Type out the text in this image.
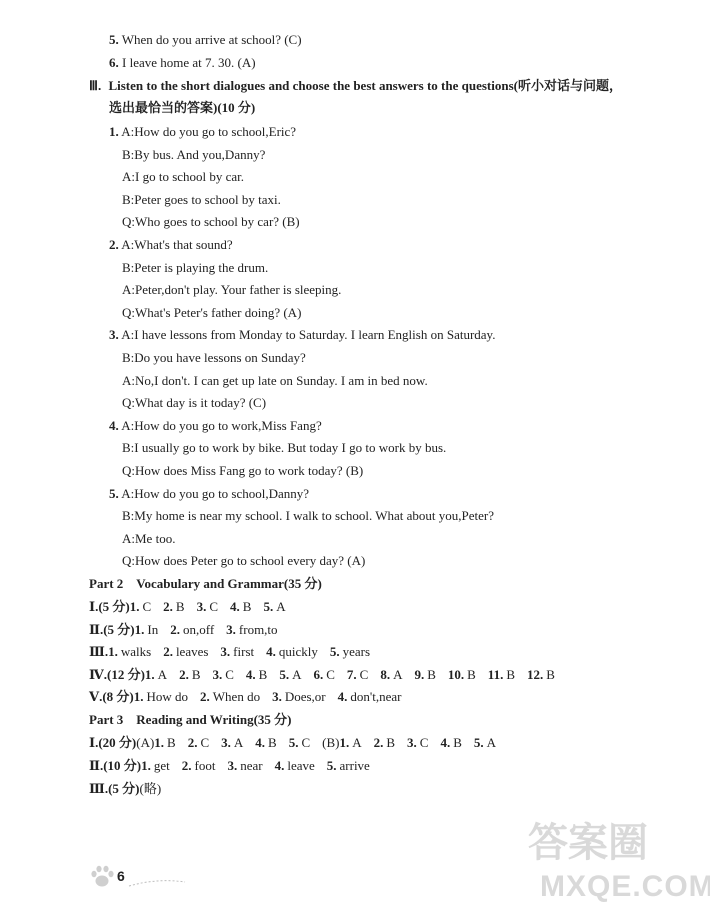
5. When do you arrive at school? (C)
6. I leave home at 7. 30. (A)
Ⅲ. Listen to the short dialogues and choose the best answers to the questions(听小对话与问题，
选出最恰当的答案)(10 分)
1. A:How do you go to school,Eric?
B:By bus. And you,Danny?
A:I go to school by car.
B:Peter goes to school by taxi.
Q:Who goes to school by car? (B)
2. A:What's that sound?
B:Peter is playing the drum.
A:Peter,don't play. Your father is sleeping.
Q:What's Peter's father doing? (A)
3. A:I have lessons from Monday to Saturday. I learn English on Saturday.
B:Do you have lessons on Sunday?
A:No,I don't. I can get up late on Sunday. I am in bed now.
Q:What day is it today? (C)
4. A:How do you go to work,Miss Fang?
B:I usually go to work by bike. But today I go to work by bus.
Q:How does Miss Fang go to work today? (B)
5. A:How do you go to school,Danny?
B:My home is near my school. I walk to school. What about you,Peter?
A:Me too.
Q:How does Peter go to school every day? (A)
Part 2　Vocabulary and Grammar(35 分)
Ⅰ.(5 分)1. C 2. B 3. C 4. B 5. A
Ⅱ.(5 分)1. In 2. on,off 3. from,to
Ⅲ.1. walks 2. leaves 3. first 4. quickly 5. years
Ⅳ.(12 分)1. A 2. B 3. C 4. B 5. A 6. C 7. C 8. A 9. B 10. B 11. B 12. B
Ⅴ.(8 分)1. How do 2. When do 3. Does,or 4. don't,near
Part 3　Reading and Writing(35 分)
Ⅰ.(20 分)(A)1. B 2. C 3. A 4. B 5. C (B)1. A 2. B 3. C 4. B 5. A
Ⅱ.(10 分)1. get 2. foot 3. near 4. leave 5. arrive
Ⅲ.(5 分)(略)
6
答案圈
MXQE.COM
